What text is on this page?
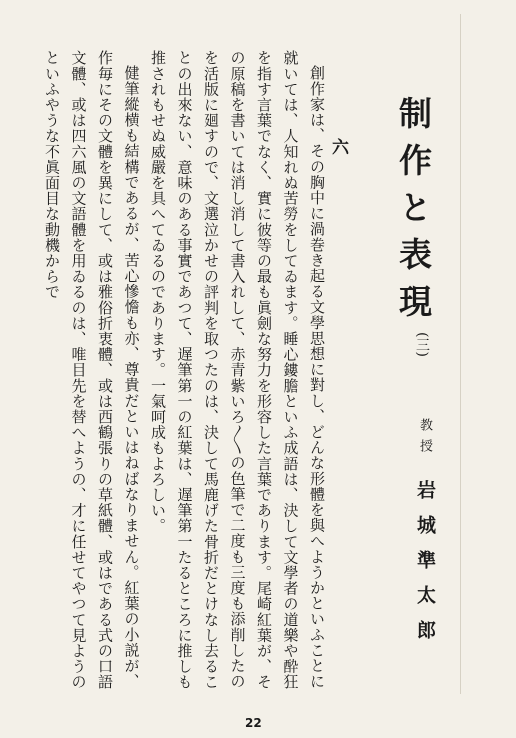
制作と表現
(三)
教授
岩城準太郎
六

創作家は、その胸中に渦巻き起る文學思想に對し、どんな形體を與へようかといふことに就いては、人知れぬ苦勞をしてゐます。睡心鏤膽といふ成語は、決して文學者の道樂や酔狂を指す言葉でなく、實に彼等の最も眞劍な努力を形容した言葉であります。尾崎紅葉が、その原稿を書いては消し消して書入れして、赤青紫いろ〳〵の色筆で二度も三度も添削したのを活版に廻すので、文選泣かせの評判を取つたのは、決して馬鹿げた骨折だとけなし去ることの出來ない、意味のある事實であつて、遅筆第一の紅葉は、遅筆第一たるところに推しも推されもせぬ威嚴を具へてゐるのであります。一氣呵成もよろしい。

健筆縱横も結構であるが、苦心慘憺も亦、尊貴だといはねばなりません。紅葉の小説が、作毎にその文體を異にして、或は雅俗折衷體、或は西鶴張りの草紙體、或はである式の口語文體、或は四六風の文語體を用ゐるのは、唯目先を替へようの、才に任せてやつて見ようのといふやうな不眞面目な動機からで

22
